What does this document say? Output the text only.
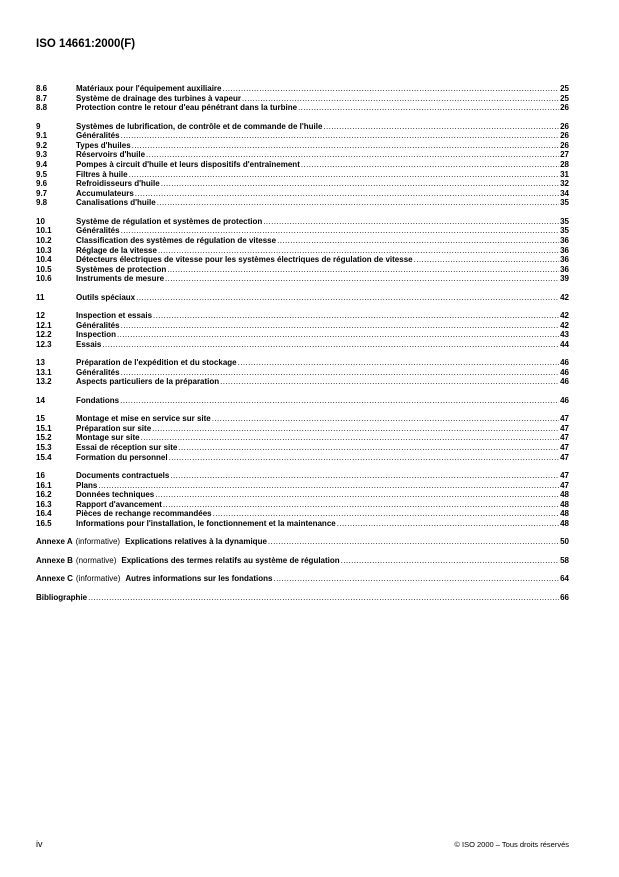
ISO 14661:2000(F)
8.6	Matériaux pour l'équipement auxiliaire .....	25
8.7	Système de drainage des turbines à vapeur .....	25
8.8	Protection contre le retour d'eau pénétrant dans la turbine .....	26
9	Systèmes de lubrification, de contrôle et de commande de l'huile .....	26
9.1	Généralités .....	26
9.2	Types d'huiles .....	26
9.3	Réservoirs d'huile .....	27
9.4	Pompes à circuit d'huile et leurs dispositifs d'entraînement .....	28
9.5	Filtres à huile .....	31
9.6	Refroidisseurs d'huile .....	32
9.7	Accumulateurs .....	34
9.8	Canalisations d'huile .....	35
10	Système de régulation et systèmes de protection .....	35
10.1	Généralités .....	35
10.2	Classification des systèmes de régulation de vitesse .....	36
10.3	Réglage de la vitesse .....	36
10.4	Détecteurs électriques de vitesse pour les systèmes électriques de régulation de vitesse .....	36
10.5	Systèmes de protection .....	36
10.6	Instruments de mesure .....	39
11	Outils spéciaux .....	42
12	Inspection et essais .....	42
12.1	Généralités .....	42
12.2	Inspection .....	43
12.3	Essais .....	44
13	Préparation de l'expédition et du stockage .....	46
13.1	Généralités .....	46
13.2	Aspects particuliers de la préparation .....	46
14	Fondations .....	46
15	Montage et mise en service sur site .....	47
15.1	Préparation sur site .....	47
15.2	Montage sur site .....	47
15.3	Essai de réception sur site .....	47
15.4	Formation du personnel .....	47
16	Documents contractuels .....	47
16.1	Plans .....	47
16.2	Données techniques .....	48
16.3	Rapport d'avancement .....	48
16.4	Pièces de rechange recommandées .....	48
16.5	Informations pour l'installation, le fonctionnement et la maintenance .....	48
Annexe A (informative) Explications relatives à la dynamique .....	50
Annexe B (normative) Explications des termes relatifs au système de régulation .....	58
Annexe C (informative) Autres informations sur les fondations .....	64
Bibliographie .....	66
iv	© ISO 2000 – Tous droits réservés
